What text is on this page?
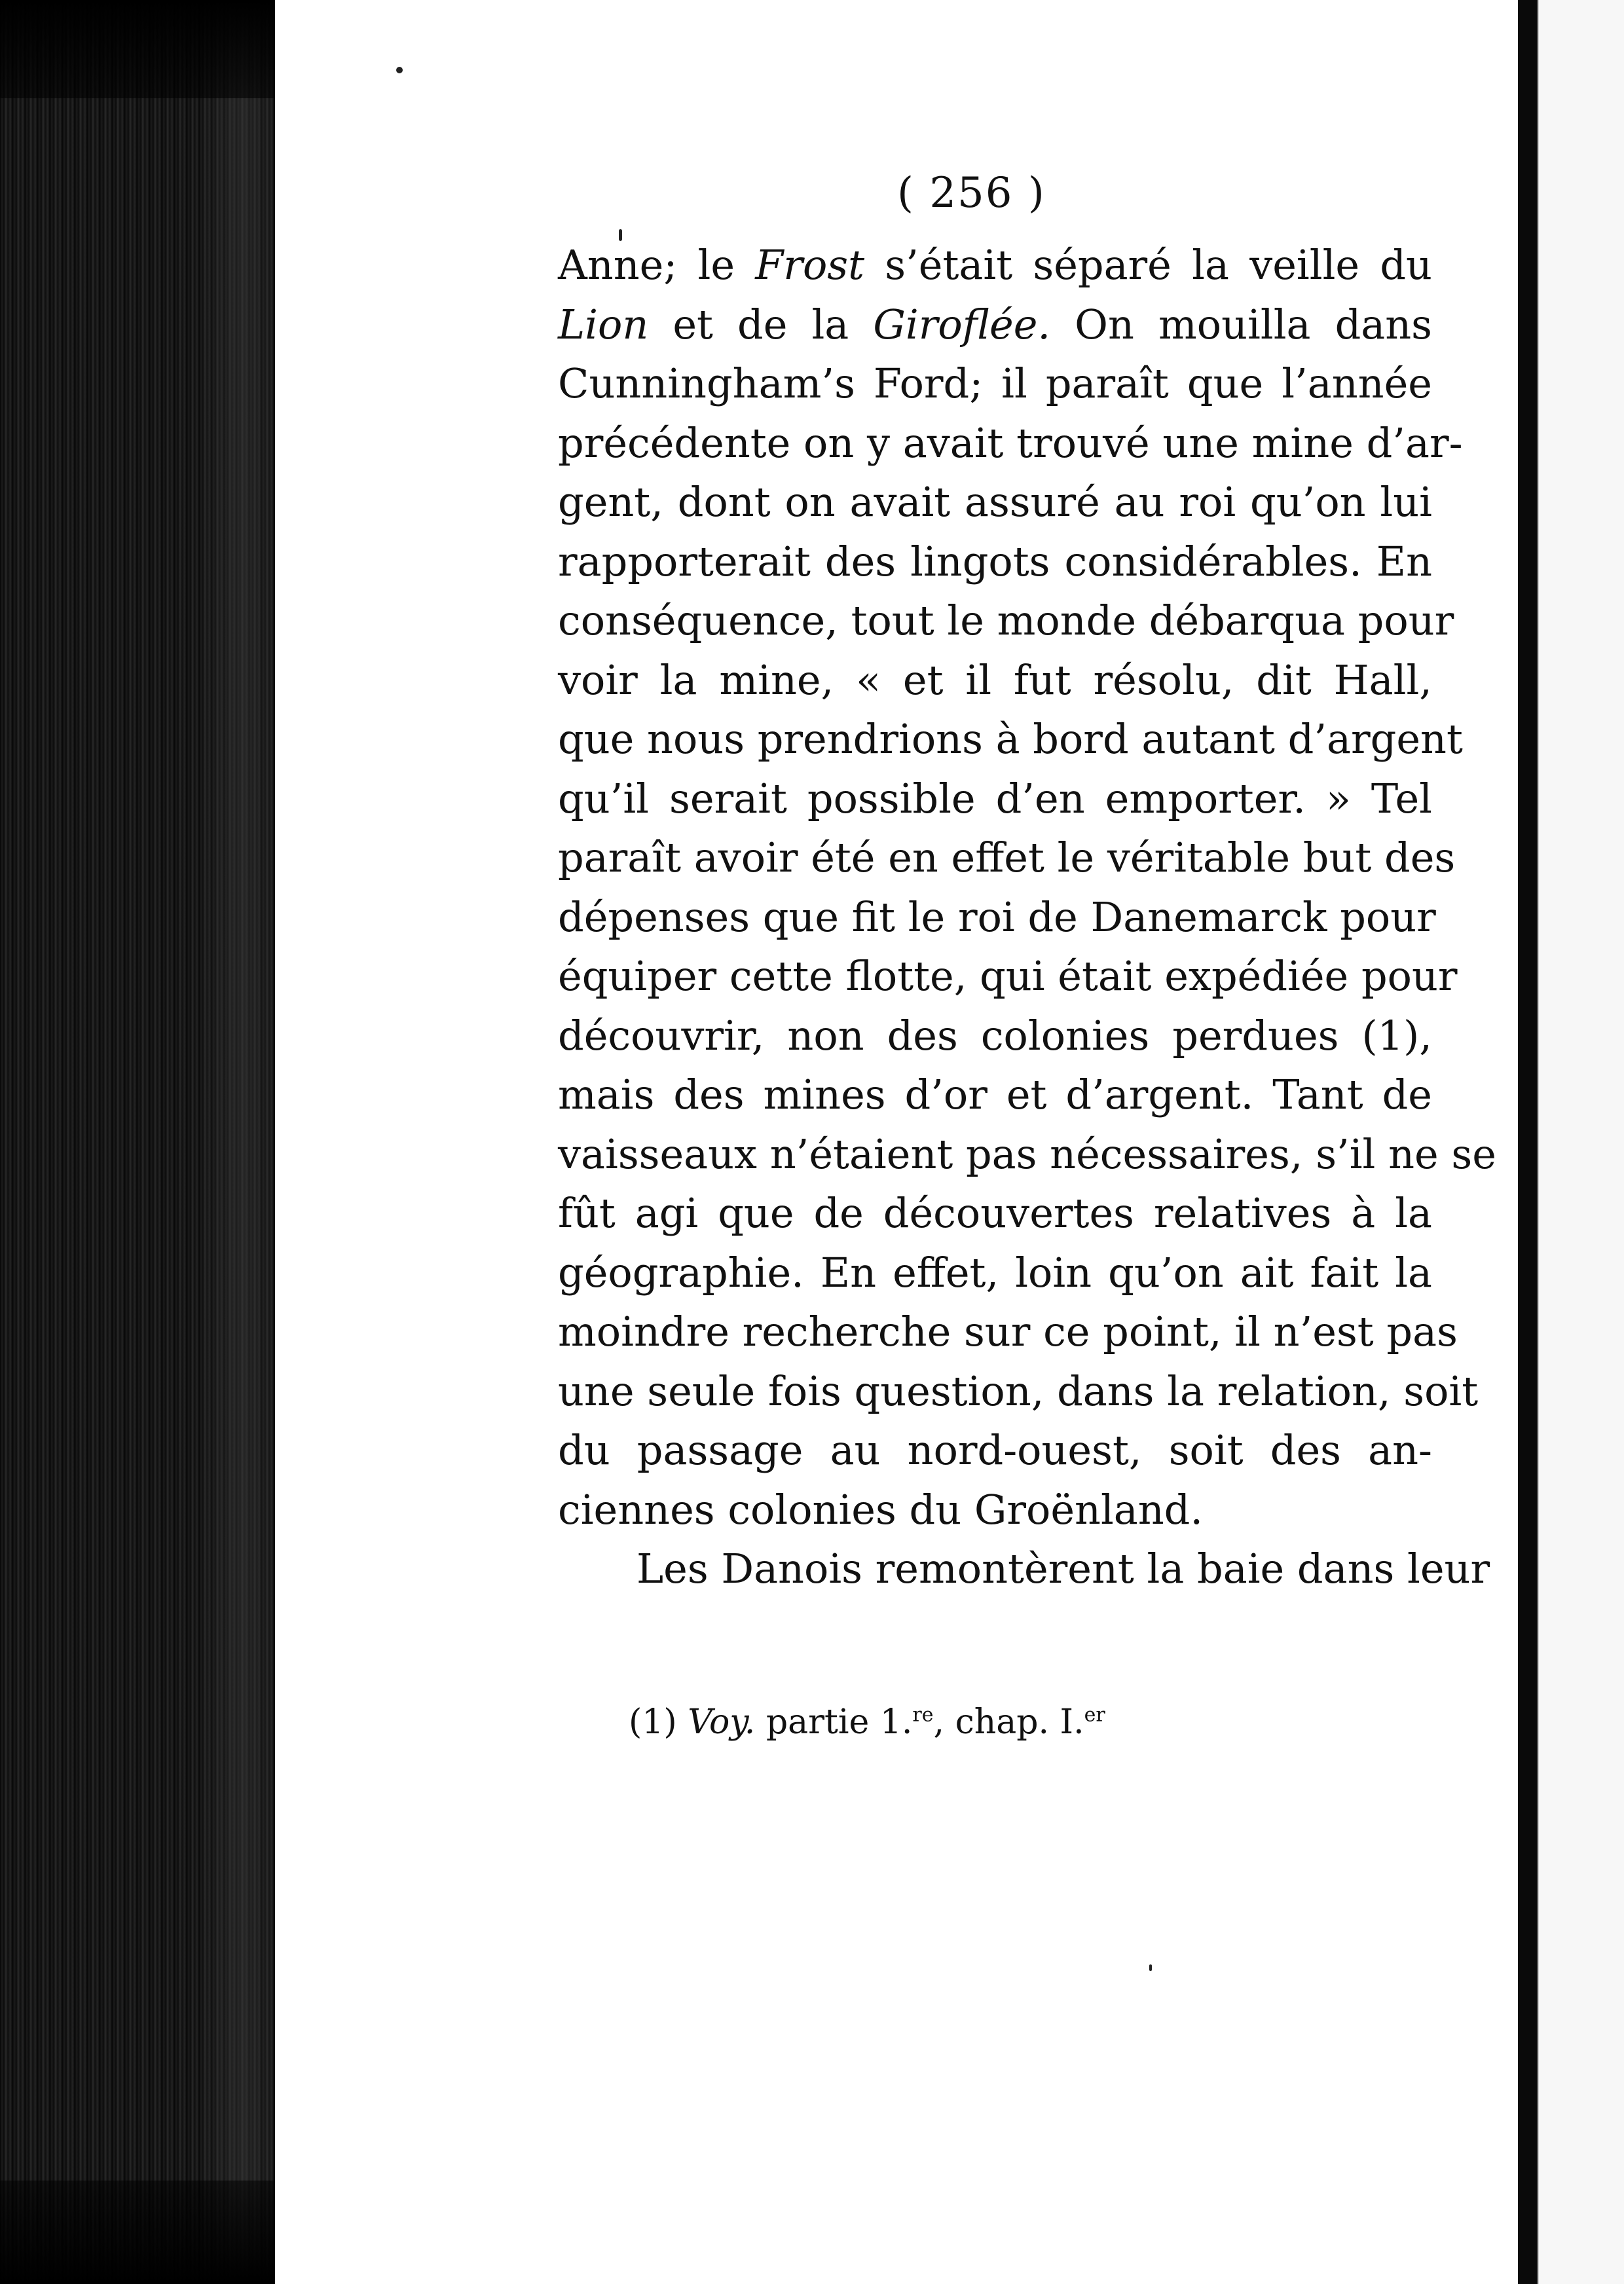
( 256 )
Anne; le Frost s’était séparé la veille du
Lion et de la Giroflée. On mouilla dans
Cunningham’s Ford; il paraît que l’année
précédente on y avait trouvé une mine d’ar-
gent, dont on avait assuré au roi qu’on lui
rapporterait des lingots considérables. En
conséquence, tout le monde débarqua pour
voir la mine, « et il fut résolu, dit Hall,
que nous prendrions à bord autant d’argent
qu’il serait possible d’en emporter. » Tel
paraît avoir été en effet le véritable but des
dépenses que fit le roi de Danemarck pour
équiper cette flotte, qui était expédiée pour
découvrir, non des colonies perdues (1),
mais des mines d’or et d’argent. Tant de
vaisseaux n’étaient pas nécessaires, s’il ne se
fût agi que de découvertes relatives à la
géographie. En effet, loin qu’on ait fait la
moindre recherche sur ce point, il n’est pas
une seule fois question, dans la relation, soit
du passage au nord-ouest, soit des an-
ciennes colonies du Groënland.
Les Danois remontèrent la baie dans leur
(1) Voy. partie 1.$^{re}$, chap. I.$^{er}$
